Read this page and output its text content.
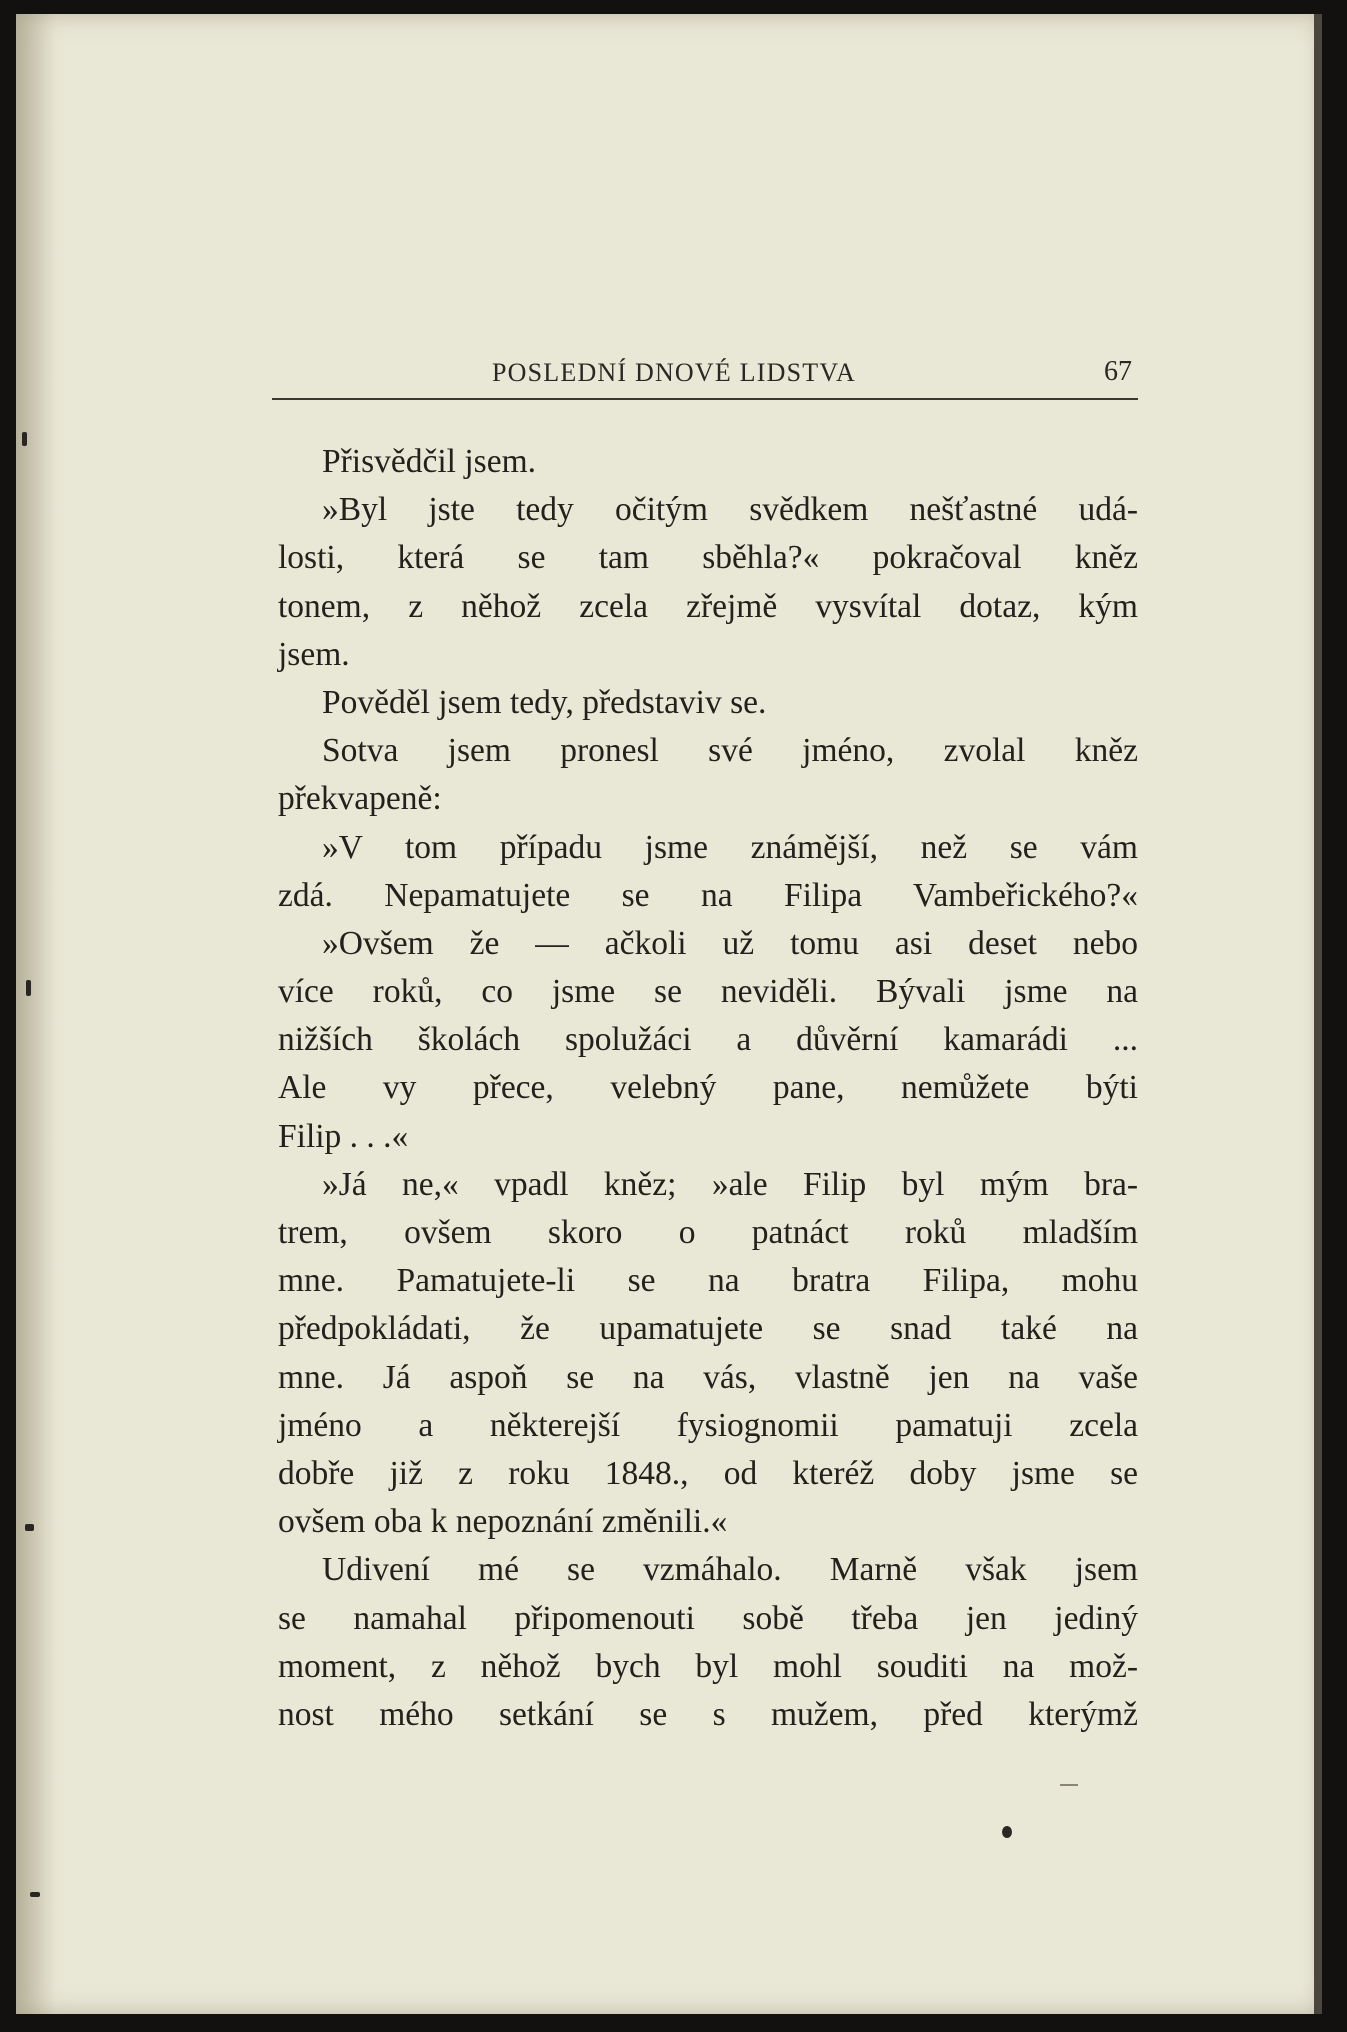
POSLEDNÍ DNOVÉ LIDSTVA	67
Přisvědčil jsem.
»Byl jste tedy očitým svědkem nešťastné udá-
losti, která se tam sběhla?« pokračoval kněz
tonem, z něhož zcela zřejmě vysvítal dotaz, kým
jsem.
Pověděl jsem tedy, představiv se.
Sotva jsem pronesl své jméno, zvolal kněz
překvapeně:
»V tom případu jsme známější, než se vám
zdá. Nepamatujete se na Filipa Vambeřického?«
»Ovšem že — ačkoli už tomu asi deset nebo
více roků, co jsme se neviděli. Bývali jsme na
nižších školách spolužáci a důvěrní kamarádi ...
Ale vy přece, velebný pane, nemůžete býti
Filip . . .«
»Já ne,« vpadl kněz; »ale Filip byl mým bra-
trem, ovšem skoro o patnáct roků mladším
mne. Pamatujete-li se na bratra Filipa, mohu
předpokládati, že upamatujete se snad také na
mne. Já aspoň se na vás, vlastně jen na vaše
jméno a některejší fysiognomii pamatuji zcela
dobře již z roku 1848., od kteréž doby jsme se
ovšem oba k nepoznání změnili.«
Udivení mé se vzmáhalo. Marně však jsem
se namahal připomenouti sobě třeba jen jediný
moment, z něhož bych byl mohl souditi na mož-
nost mého setkání se s mužem, před kterýmž
